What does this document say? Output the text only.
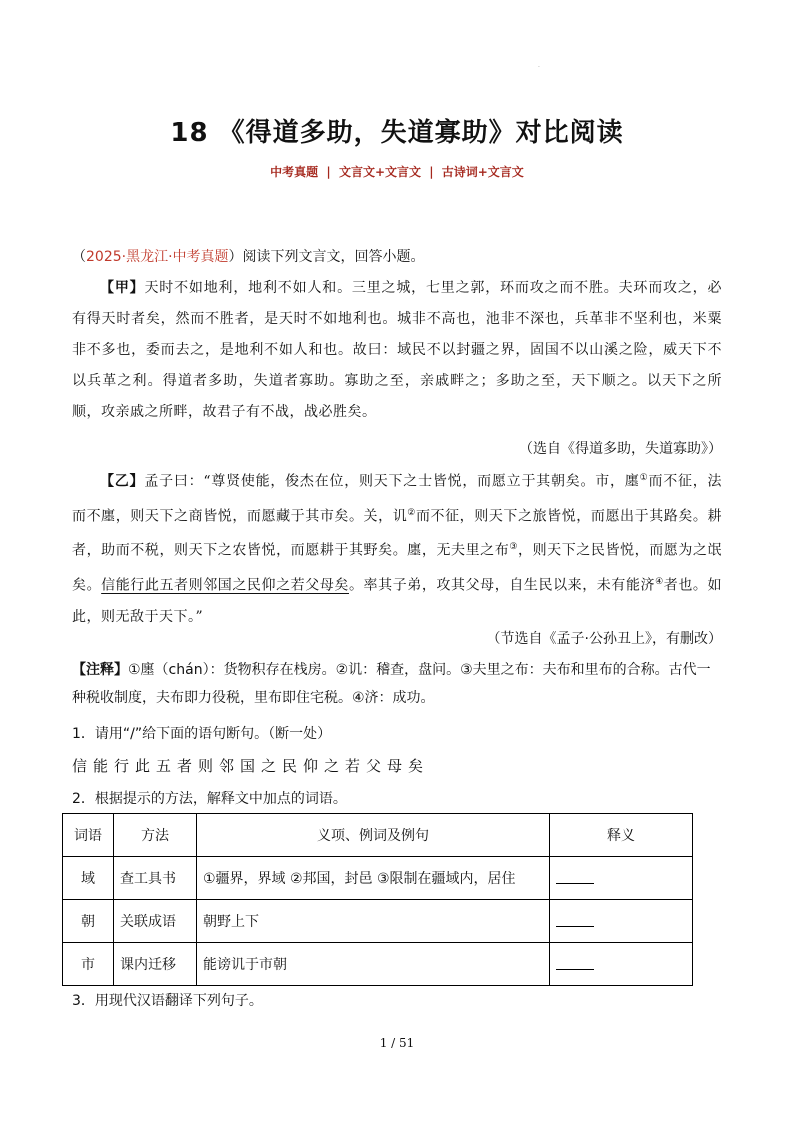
·
18 《得道多助，失道寡助》对比阅读
中考真题 | 文言文+文言文 | 古诗词+文言文
（2025·黑龙江·中考真题）阅读下列文言文，回答小题。
【甲】天时不如地利，地利不如人和。三里之城，七里之郭，环而攻之而不胜。夫环而攻之，必有得天时者矣，然而不胜者，是天时不如地利也。城非不高也，池非不深也，兵革非不坚利也，米粟非不多也，委而去之，是地利不如人和也。故曰：域民不以封疆之界，固国不以山溪之险，威天下不以兵革之利。得道者多助，失道者寡助。寡助之至，亲戚畔之；多助之至，天下顺之。以天下之所顺，攻亲戚之所畔，故君子有不战，战必胜矣。
（选自《得道多助，失道寡助》）
【乙】孟子曰：“尊贤使能，俊杰在位，则天下之士皆悦，而愿立于其朝矣。市，廛①而不征，法而不廛，则天下之商皆悦，而愿藏于其市矣。关，讥②而不征，则天下之旅皆悦，而愿出于其路矣。耕者，助而不税，则天下之农皆悦，而愿耕于其野矣。廛，无夫里之布③，则天下之民皆悦，而愿为之氓矣。信能行此五者则邻国之民仰之若父母矣。率其子弟，攻其父母，自生民以来，未有能济④者也。如此，则无敌于天下。”
（节选自《孟子·公孙丑上》，有删改）
【注释】①廛（chán）：货物积存在栈房。②讥：稽查，盘问。③夫里之布：夫布和里布的合称。古代一种税收制度，夫布即力役税，里布即住宅税。④济：成功。
1．请用“/”给下面的语句断句。（断一处）
信能行此五者则邻国之民仰之若父母矣
2．根据提示的方法，解释文中加点的词语。
词语	方法	义项、例词及例句	释义
域	查工具书	①疆界，界域 ②邦国，封邑 ③限制在疆域内，居住	
朝	关联成语	朝野上下	
市	课内迁移	能谤讥于市朝	
3．用现代汉语翻译下列句子。
1 / 51
